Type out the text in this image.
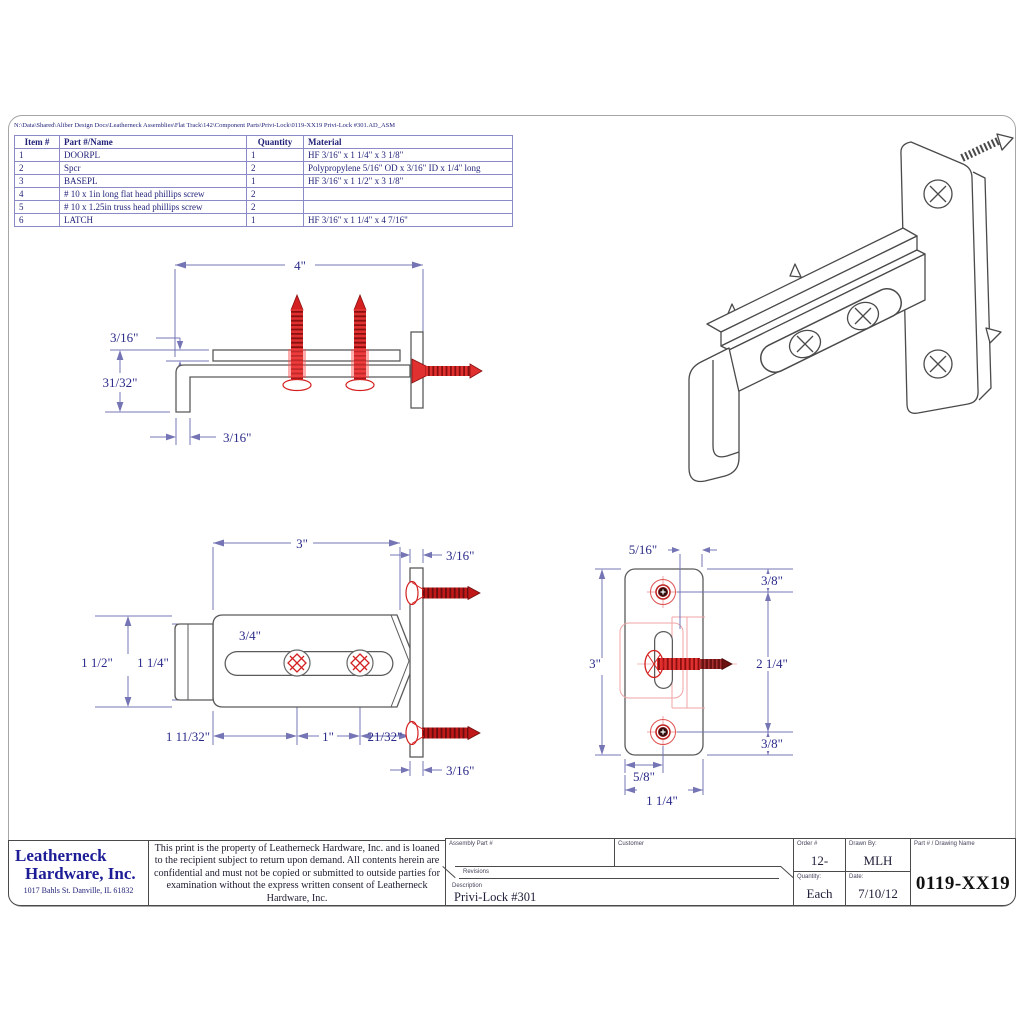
N:\Data\Shared\Aliber Design Docs\Leatherneck Assemblies\Flat Track\142\Component Parts\Privi-Lock\0119-XX19 Privi-Lock #301.AD_ASM
Item #	Part #/Name	Quantity	Material
1	DOORPL	1	HF 3/16" x 1 1/4" x 3 1/8"
2	Spcr	2	Polypropylene 5/16" OD x 3/16" ID x 1/4" long
3	BASEPL	1	HF 3/16" x 1 1/2" x 3 1/8"
4	# 10 x 1in long flat head phillips screw	2	
5	# 10 x 1.25in truss head phillips screw	2	
6	LATCH	1	HF 3/16" x 1 1/4" x 4 7/16"
4"
3/16"
31/32"
3/16"
3"
3/16"
3/4"
1 1/2" 1 1/4"
1 11/32"	1"	21/32"
3/16"
5/16"
3"
3/8"
2 1/4"
3/8"
5/8"
1 1/4"
Leatherneck
Hardware, Inc.
1017 Bahls St. Danville, IL 61832
This print is the property of Leatherneck Hardware, Inc. and is loaned to the recipient subject to return upon demand. All contents herein are confidential and must not be copied or submitted to outside parties for examination without the express written consent of Leatherneck Hardware, Inc.
Assembly Part #	Customer
Description
Privi-Lock #301
Revisions
Order #
12-
Drawn By:
MLH
Quantity:
Each
Date:
7/10/12
Part # / Drawing Name
0119-XX19
